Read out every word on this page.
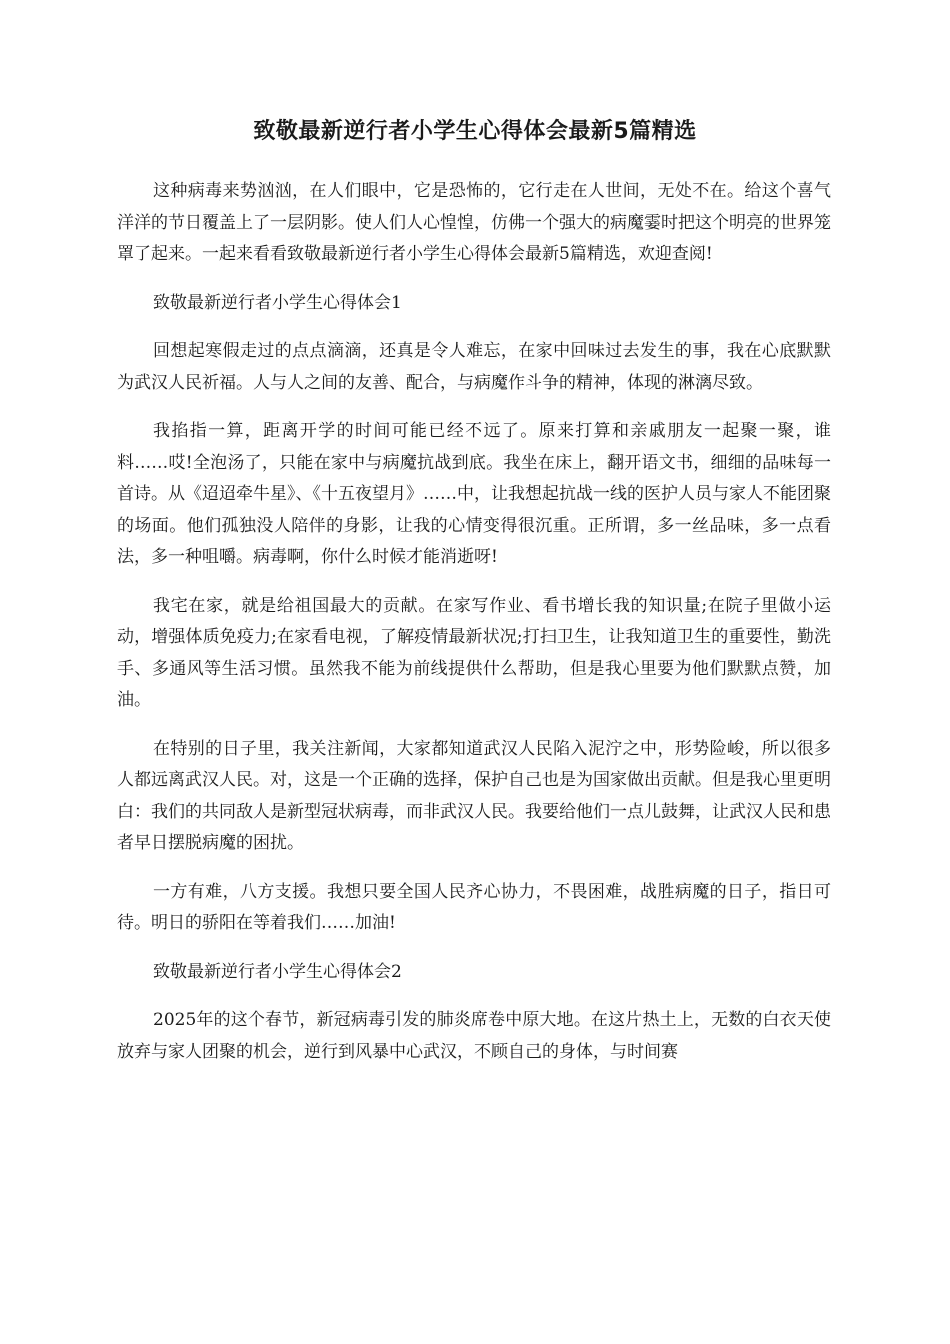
致敬最新逆行者小学生心得体会最新5篇精选

这种病毒来势汹汹，在人们眼中，它是恐怖的，它行走在人世间，无处不在。给这个喜气洋洋的节日覆盖上了一层阴影。使人们人心惶惶，仿佛一个强大的病魔霎时把这个明亮的世界笼罩了起来。一起来看看致敬最新逆行者小学生心得体会最新5篇精选，欢迎查阅!

致敬最新逆行者小学生心得体会1

回想起寒假走过的点点滴滴，还真是令人难忘，在家中回味过去发生的事，我在心底默默为武汉人民祈福。人与人之间的友善、配合，与病魔作斗争的精神，体现的淋漓尽致。

我掐指一算，距离开学的时间可能已经不远了。原来打算和亲戚朋友一起聚一聚，谁料……哎!全泡汤了，只能在家中与病魔抗战到底。我坐在床上，翻开语文书，细细的品味每一首诗。从《迢迢牵牛星》、《十五夜望月》……中，让我想起抗战一线的医护人员与家人不能团聚的场面。他们孤独没人陪伴的身影，让我的心情变得很沉重。正所谓，多一丝品味，多一点看法，多一种咀嚼。病毒啊，你什么时候才能消逝呀!

我宅在家，就是给祖国最大的贡献。在家写作业、看书增长我的知识量;在院子里做小运动，增强体质免疫力;在家看电视，了解疫情最新状况;打扫卫生，让我知道卫生的重要性，勤洗手、多通风等生活习惯。虽然我不能为前线提供什么帮助，但是我心里要为他们默默点赞，加油。

在特别的日子里，我关注新闻，大家都知道武汉人民陷入泥泞之中，形势险峻，所以很多人都远离武汉人民。对，这是一个正确的选择，保护自己也是为国家做出贡献。但是我心里更明白：我们的共同敌人是新型冠状病毒，而非武汉人民。我要给他们一点儿鼓舞，让武汉人民和患者早日摆脱病魔的困扰。

一方有难，八方支援。我想只要全国人民齐心协力，不畏困难，战胜病魔的日子，指日可待。明日的骄阳在等着我们……加油!

致敬最新逆行者小学生心得体会2

2025年的这个春节，新冠病毒引发的肺炎席卷中原大地。在这片热土上，无数的白衣天使放弃与家人团聚的机会，逆行到风暴中心武汉，不顾自己的身体，与时间赛
